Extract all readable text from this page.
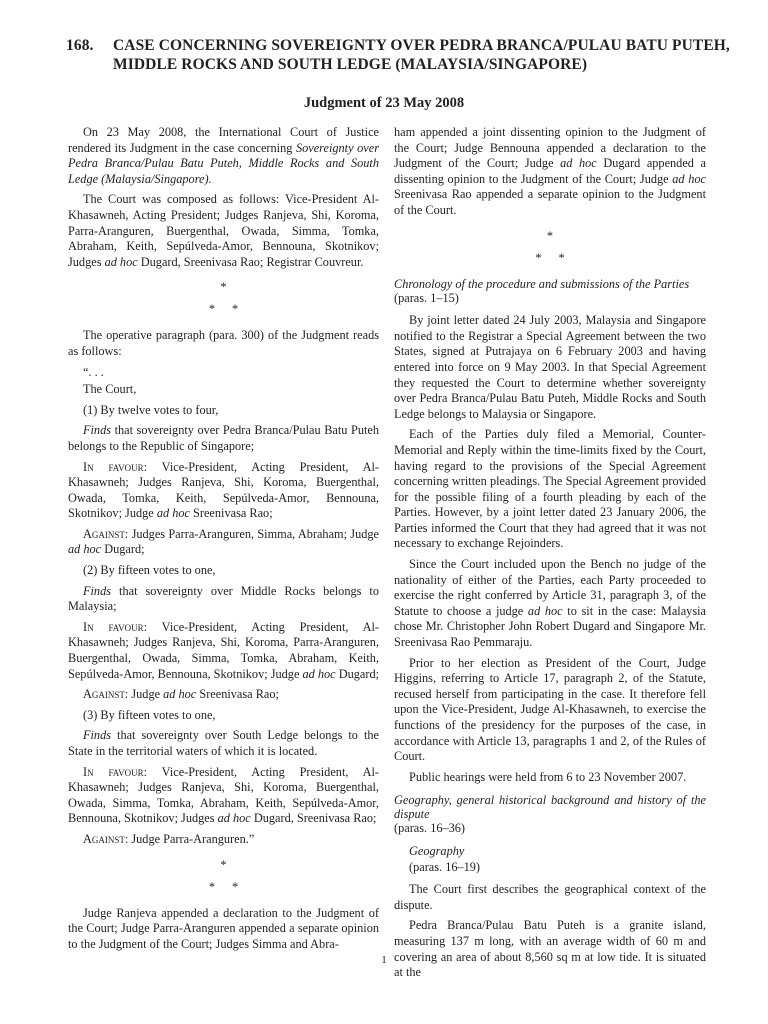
168. CASE CONCERNING SOVEREIGNTY OVER PEDRA BRANCA/PULAU BATU PUTEH,
MIDDLE ROCKS AND SOUTH LEDGE (MALAYSIA/SINGAPORE)
Judgment of 23 May 2008

On 23 May 2008, the International Court of Justice rendered its Judgment in the case concerning Sovereignty over Pedra Branca/Pulau Batu Puteh, Middle Rocks and South Ledge (Malaysia/Singapore).

The Court was composed as follows: Vice-President Al-Khasawneh, Acting President; Judges Ranjeva, Shi, Koroma, Parra-Aranguren, Buergenthal, Owada, Simma, Tomka, Abraham, Keith, Sepúlveda-Amor, Bennouna, Skotnikov; Judges ad hoc Dugard, Sreenivasa Rao; Registrar Couvreur.

*
* *

The operative paragraph (para. 300) of the Judgment reads as follows:

“. . .

The Court,

(1) By twelve votes to four,

Finds that sovereignty over Pedra Branca/Pulau Batu Puteh belongs to the Republic of Singapore;

In favour: Vice-President, Acting President, Al-Khasawneh; Judges Ranjeva, Shi, Koroma, Buergenthal, Owada, Tomka, Keith, Sepúlveda-Amor, Bennouna, Skotnikov; Judge ad hoc Sreenivasa Rao;

Against: Judges Parra-Aranguren, Simma, Abraham; Judge ad hoc Dugard;

(2) By fifteen votes to one,

Finds that sovereignty over Middle Rocks belongs to Malaysia;

In favour: Vice-President, Acting President, Al-Khasawneh; Judges Ranjeva, Shi, Koroma, Parra-Aranguren, Buergenthal, Owada, Simma, Tomka, Abraham, Keith, Sepúlveda-Amor, Bennouna, Skotnikov; Judge ad hoc Dugard;

Against: Judge ad hoc Sreenivasa Rao;

(3) By fifteen votes to one,

Finds that sovereignty over South Ledge belongs to the State in the territorial waters of which it is located.

In favour: Vice-President, Acting President, Al-Khasawneh; Judges Ranjeva, Shi, Koroma, Buergenthal, Owada, Simma, Tomka, Abraham, Keith, Sepúlveda-Amor, Bennouna, Skotnikov; Judges ad hoc Dugard, Sreenivasa Rao;

Against: Judge Parra-Aranguren.”

*
* *

Judge Ranjeva appended a declaration to the Judgment of the Court; Judge Parra-Aranguren appended a separate opinion to the Judgment of the Court; Judges Simma and Abra-

ham appended a joint dissenting opinion to the Judgment of the Court; Judge Bennouna appended a declaration to the Judgment of the Court; Judge ad hoc Dugard appended a dissenting opinion to the Judgment of the Court; Judge ad hoc Sreenivasa Rao appended a separate opinion to the Judgment of the Court.

*
* *

Chronology of the procedure and submissions of the Parties

(paras. 1–15)

By joint letter dated 24 July 2003, Malaysia and Singapore notified to the Registrar a Special Agreement between the two States, signed at Putrajaya on 6 February 2003 and having entered into force on 9 May 2003. In that Special Agreement they requested the Court to determine whether sovereignty over Pedra Branca/Pulau Batu Puteh, Middle Rocks and South Ledge belongs to Malaysia or Singapore.

Each of the Parties duly filed a Memorial, Counter-Memorial and Reply within the time-limits fixed by the Court, having regard to the provisions of the Special Agreement concerning written pleadings. The Special Agreement provided for the possible filing of a fourth pleading by each of the Parties. However, by a joint letter dated 23 January 2006, the Parties informed the Court that they had agreed that it was not necessary to exchange Rejoinders.

Since the Court included upon the Bench no judge of the nationality of either of the Parties, each Party proceeded to exercise the right conferred by Article 31, paragraph 3, of the Statute to choose a judge ad hoc to sit in the case: Malaysia chose Mr. Christopher John Robert Dugard and Singapore Mr. Sreenivasa Rao Pemmaraju.

Prior to her election as President of the Court, Judge Higgins, referring to Article 17, paragraph 2, of the Statute, recused herself from participating in the case. It therefore fell upon the Vice-President, Judge Al-Khasawneh, to exercise the functions of the presidency for the purposes of the case, in accordance with Article 13, paragraphs 1 and 2, of the Rules of Court.

Public hearings were held from 6 to 23 November 2007.

Geography, general historical background and history of the dispute

(paras. 16–36)

Geography

(paras. 16–19)

The Court first describes the geographical context of the dispute.

Pedra Branca/Pulau Batu Puteh is a granite island, measuring 137 m long, with an average width of 60 m and covering an area of about 8,560 sq m at low tide. It is situated at the

1
